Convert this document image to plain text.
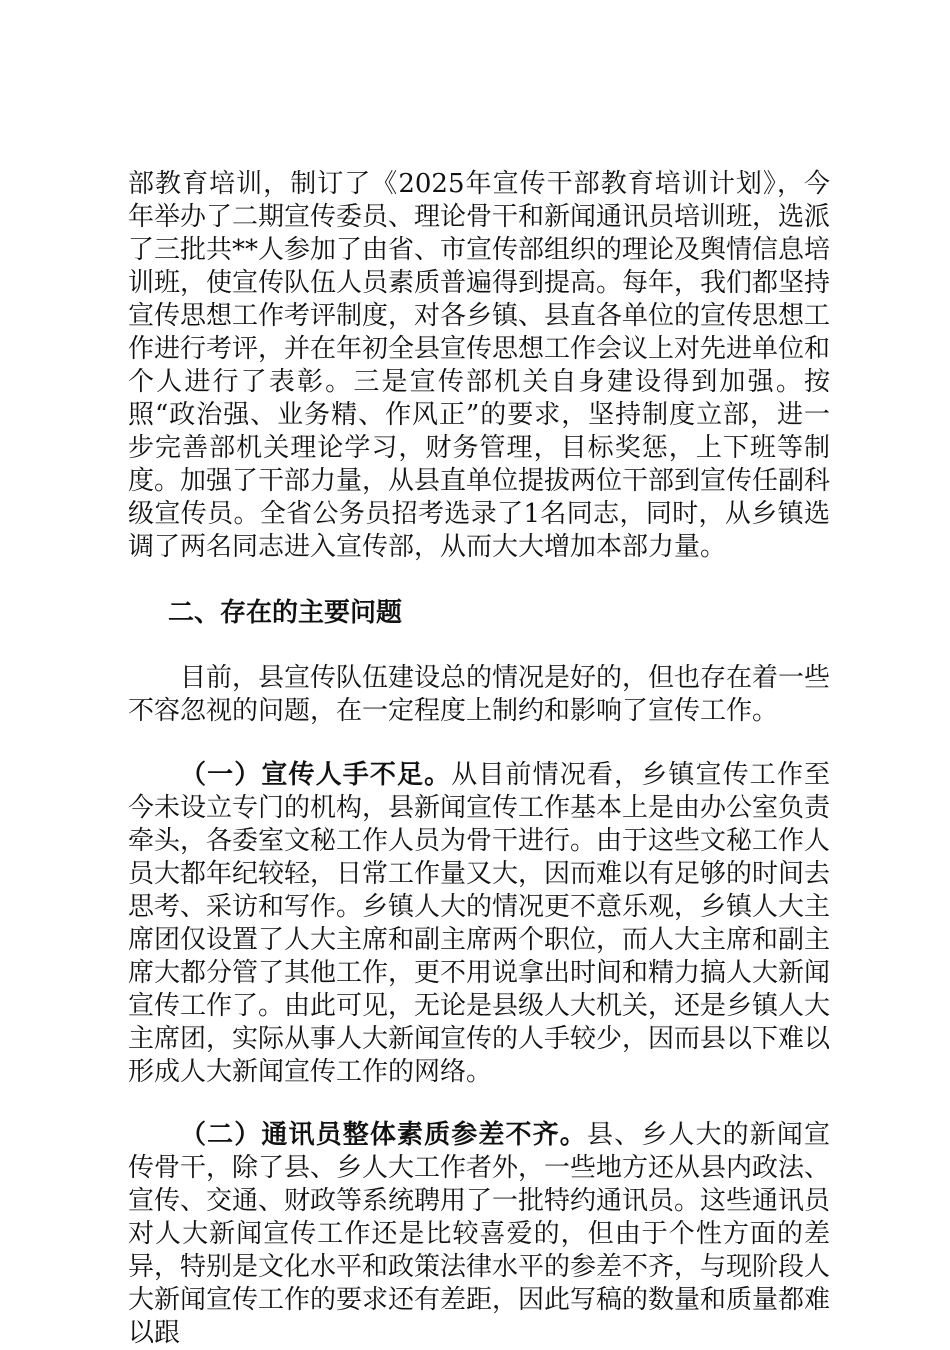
部教育培训，制订了《2025年宣传干部教育培训计划》，今年举办了二期宣传委员、理论骨干和新闻通讯员培训班，选派了三批共**人参加了由省、市宣传部组织的理论及舆情信息培训班，使宣传队伍人员素质普遍得到提高。每年，我们都坚持宣传思想工作考评制度，对各乡镇、县直各单位的宣传思想工作进行考评，并在年初全县宣传思想工作会议上对先进单位和个人进行了表彰。三是宣传部机关自身建设得到加强。按照“政治强、业务精、作风正”的要求，坚持制度立部，进一步完善部机关理论学习，财务管理，目标奖惩，上下班等制度。加强了干部力量，从县直单位提拔两位干部到宣传任副科级宣传员。全省公务员招考选录了1名同志，同时，从乡镇选调了两名同志进入宣传部，从而大大增加本部力量。

二、存在的主要问题

目前，县宣传队伍建设总的情况是好的，但也存在着一些不容忽视的问题，在一定程度上制约和影响了宣传工作。

（一）宣传人手不足。从目前情况看，乡镇宣传工作至今未设立专门的机构，县新闻宣传工作基本上是由办公室负责牵头，各委室文秘工作人员为骨干进行。由于这些文秘工作人员大都年纪较轻，日常工作量又大，因而难以有足够的时间去思考、采访和写作。乡镇人大的情况更不意乐观，乡镇人大主席团仅设置了人大主席和副主席两个职位，而人大主席和副主席大都分管了其他工作，更不用说拿出时间和精力搞人大新闻宣传工作了。由此可见，无论是县级人大机关，还是乡镇人大主席团，实际从事人大新闻宣传的人手较少，因而县以下难以形成人大新闻宣传工作的网络。

（二）通讯员整体素质参差不齐。县、乡人大的新闻宣传骨干，除了县、乡人大工作者外，一些地方还从县内政法、宣传、交通、财政等系统聘用了一批特约通讯员。这些通讯员对人大新闻宣传工作还是比较喜爱的，但由于个性方面的差异，特别是文化水平和政策法律水平的参差不齐，与现阶段人大新闻宣传工作的要求还有差距，因此写稿的数量和质量都难以跟
